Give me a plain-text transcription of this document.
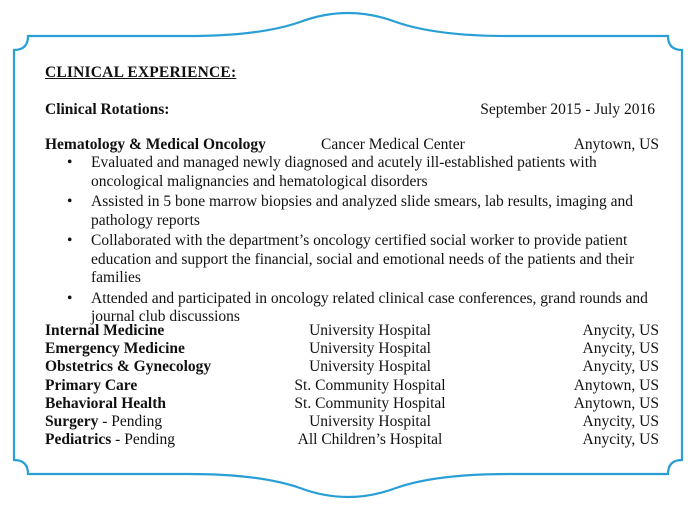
CLINICAL EXPERIENCE:
Clinical Rotations:	September 2015 - July 2016
Hematology & Medical Oncology	Cancer Medical Center	Anytown, US
• Evaluated and managed newly diagnosed and acutely ill-established patients with oncological malignancies and hematological disorders
• Assisted in 5 bone marrow biopsies and analyzed slide smears, lab results, imaging and pathology reports
• Collaborated with the department’s oncology certified social worker to provide patient education and support the financial, social and emotional needs of the patients and their families
• Attended and participated in oncology related clinical case conferences, grand rounds and journal club discussions
Internal Medicine	University Hospital	Anycity, US
Emergency Medicine	University Hospital	Anycity, US
Obstetrics & Gynecology	University Hospital	Anycity, US
Primary Care	St. Community Hospital	Anytown, US
Behavioral Health	St. Community Hospital	Anytown, US
Surgery - Pending	University Hospital	Anycity, US
Pediatrics - Pending	All Children’s Hospital	Anycity, US
